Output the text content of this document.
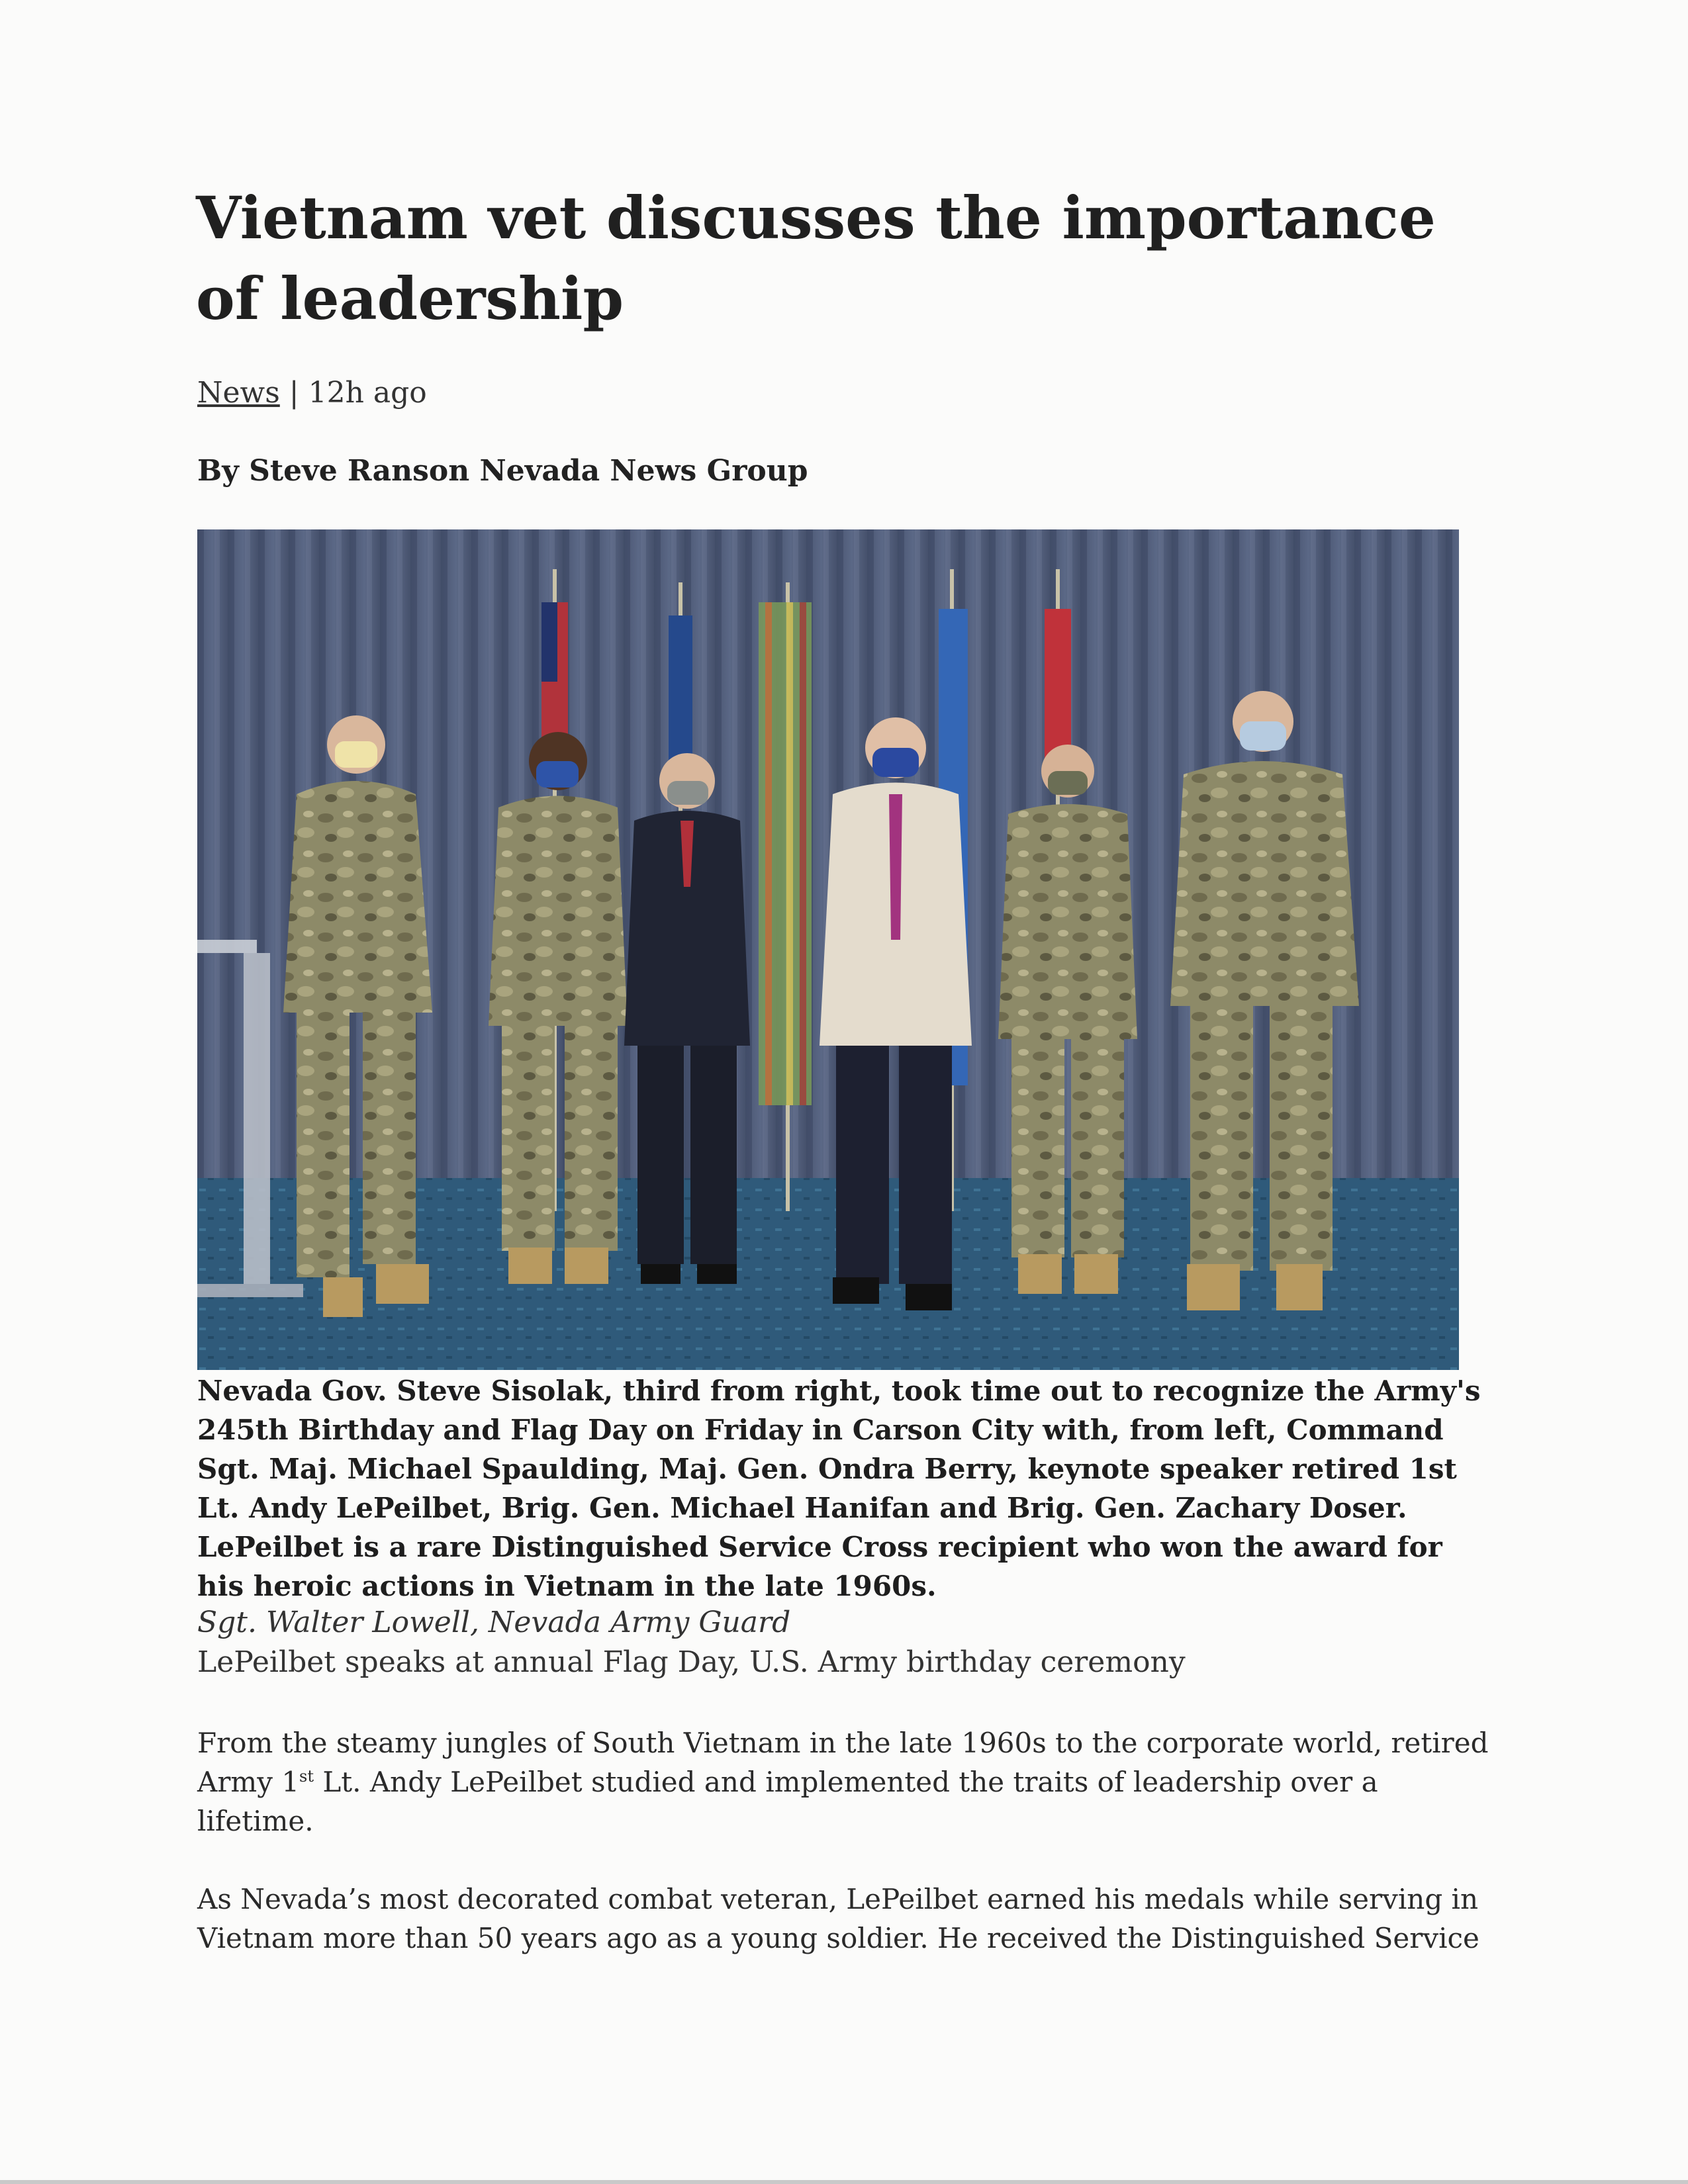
Vietnam vet discusses the importance of leadership
News | 12h ago
By Steve Ranson Nevada News Group

Nevada Gov. Steve Sisolak, third from right, took time out to recognize the Army's 245th Birthday and Flag Day on Friday in Carson City with, from left, Command Sgt. Maj. Michael Spaulding, Maj. Gen. Ondra Berry, keynote speaker retired 1st Lt. Andy LePeilbet, Brig. Gen. Michael Hanifan and Brig. Gen. Zachary Doser. LePeilbet is a rare Distinguished Service Cross recipient who won the award for his heroic actions in Vietnam in the late 1960s.

Sgt. Walter Lowell, Nevada Army Guard
LePeilbet speaks at annual Flag Day, U.S. Army birthday ceremony

From the steamy jungles of South Vietnam in the late 1960s to the corporate world, retired Army 1st Lt. Andy LePeilbet studied and implemented the traits of leadership over a lifetime.

As Nevada’s most decorated combat veteran, LePeilbet earned his medals while serving in Vietnam more than 50 years ago as a young soldier. He received the Distinguished Service
